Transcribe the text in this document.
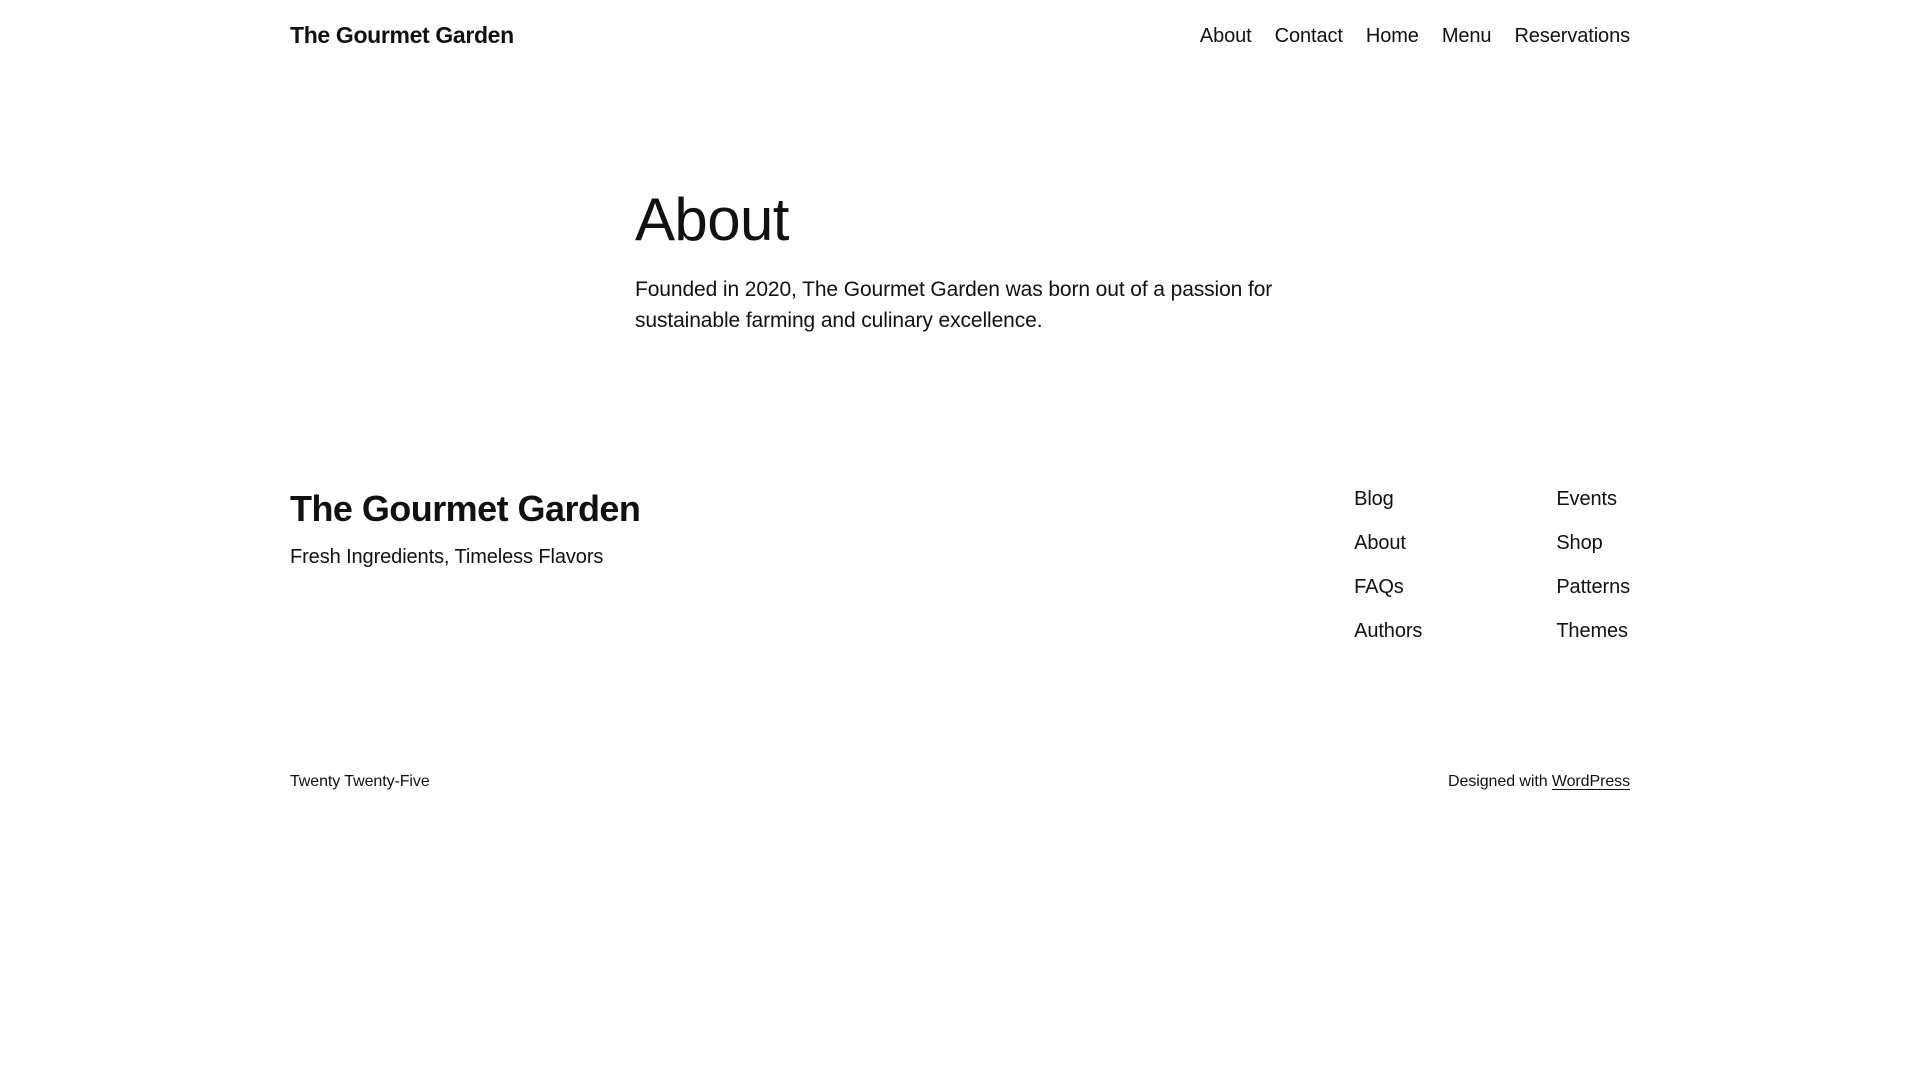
The Gourmet Garden	About Contact Home Menu Reservations
About

Founded in 2020, The Gourmet Garden was born out of a passion for sustainable farming and culinary excellence.

The Gourmet Garden

Fresh Ingredients, Timeless Flavors

Blog
About
FAQs
Authors
Events
Shop
Patterns
Themes
Twenty Twenty-Five	Designed with WordPress
